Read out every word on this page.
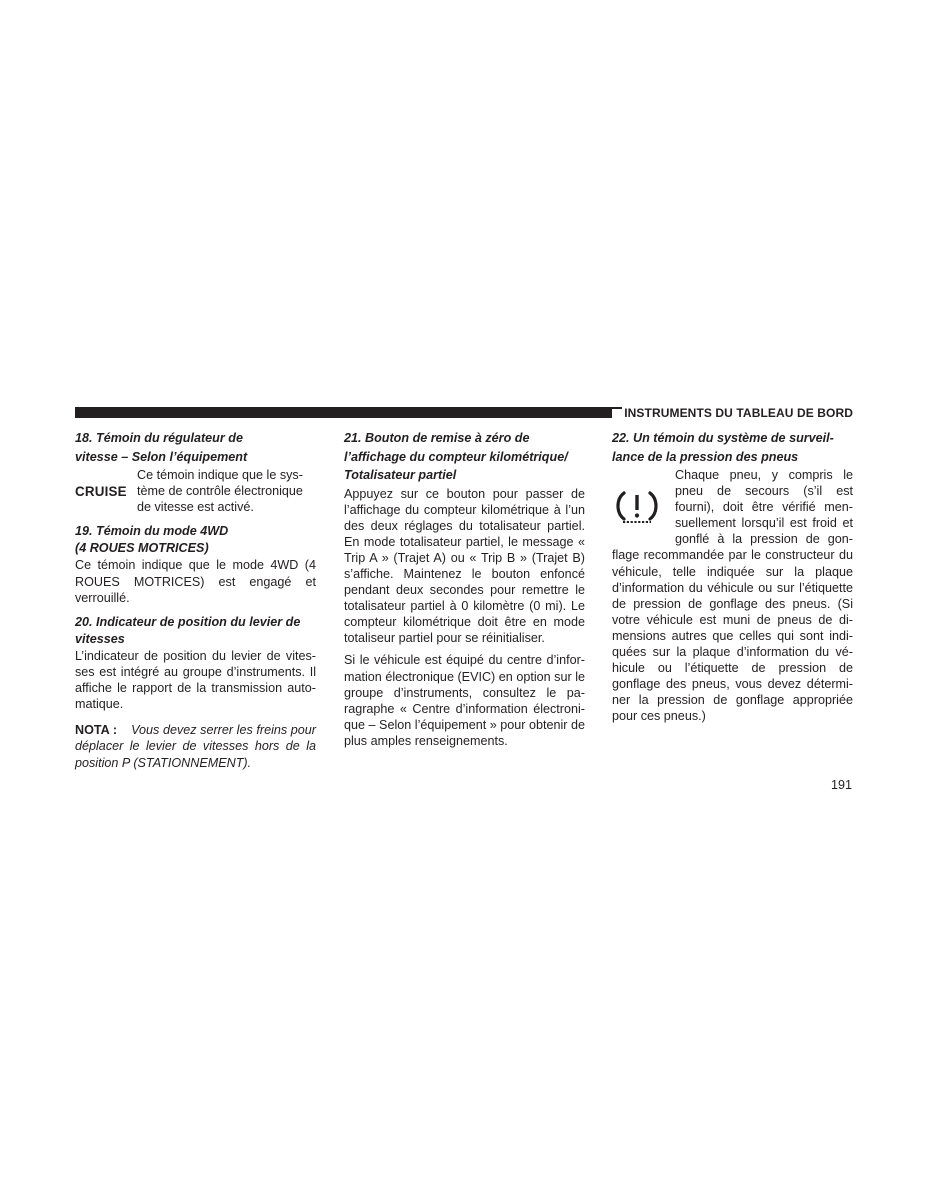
INSTRUMENTS DU TABLEAU DE BORD
18. Témoin du régulateur de
vitesse – Selon l’équipement
CRUISE
Ce témoin indique que le sys- tème de contrôle électronique de vitesse est activé.
19. Témoin du mode 4WD
(4 ROUES MOTRICES)

Ce témoin indique que le mode 4WD (4 ROUES MOTRICES) est engagé et verrouillé.

20. Indicateur de position du levier de
vitesses

L’indicateur de position du levier de vites- ses est intégré au groupe d’instruments. Il affiche le rapport de la transmission auto- matique.

NOTA : Vous devez serrer les freins pour déplacer le levier de vitesses hors de la position P (STATIONNEMENT).
21. Bouton de remise à zéro de
l’affichage du compteur kilométrique/
Totalisateur partiel

Appuyez sur ce bouton pour passer de l’affichage du compteur kilométrique à l’un des deux réglages du totalisateur partiel. En mode totalisateur partiel, le message « Trip A » (Trajet A) ou « Trip B » (Trajet B) s’affiche. Maintenez le bouton enfoncé pendant deux secondes pour remettre le totalisateur partiel à 0 kilomètre (0 mi). Le compteur kilométrique doit être en mode totaliseur partiel pour se réinitialiser.

Si le véhicule est équipé du centre d’infor- mation électronique (EVIC) en option sur le groupe d’instruments, consultez le pa- ragraphe « Centre d’information électroni- que – Selon l’équipement » pour obtenir de plus amples renseignements.

22. Un témoin du système de surveil-
lance de la pression des pneus

Chaque pneu, y compris le

pneu de secours (s’il est

fourni), doit être vérifié men-

suellement lorsqu’il est froid et

gonflé à la pression de gon-

flage recommandée par le constructeur du véhicule, telle indiquée sur la plaque d’information du véhicule ou sur l’étiquette de pression de gonflage des pneus. (Si votre véhicule est muni de pneus de di- mensions autres que celles qui sont indi- quées sur la plaque d’information du vé- hicule ou l’étiquette de pression de gonflage des pneus, vous devez détermi- ner la pression de gonflage appropriée pour ces pneus.)

191
